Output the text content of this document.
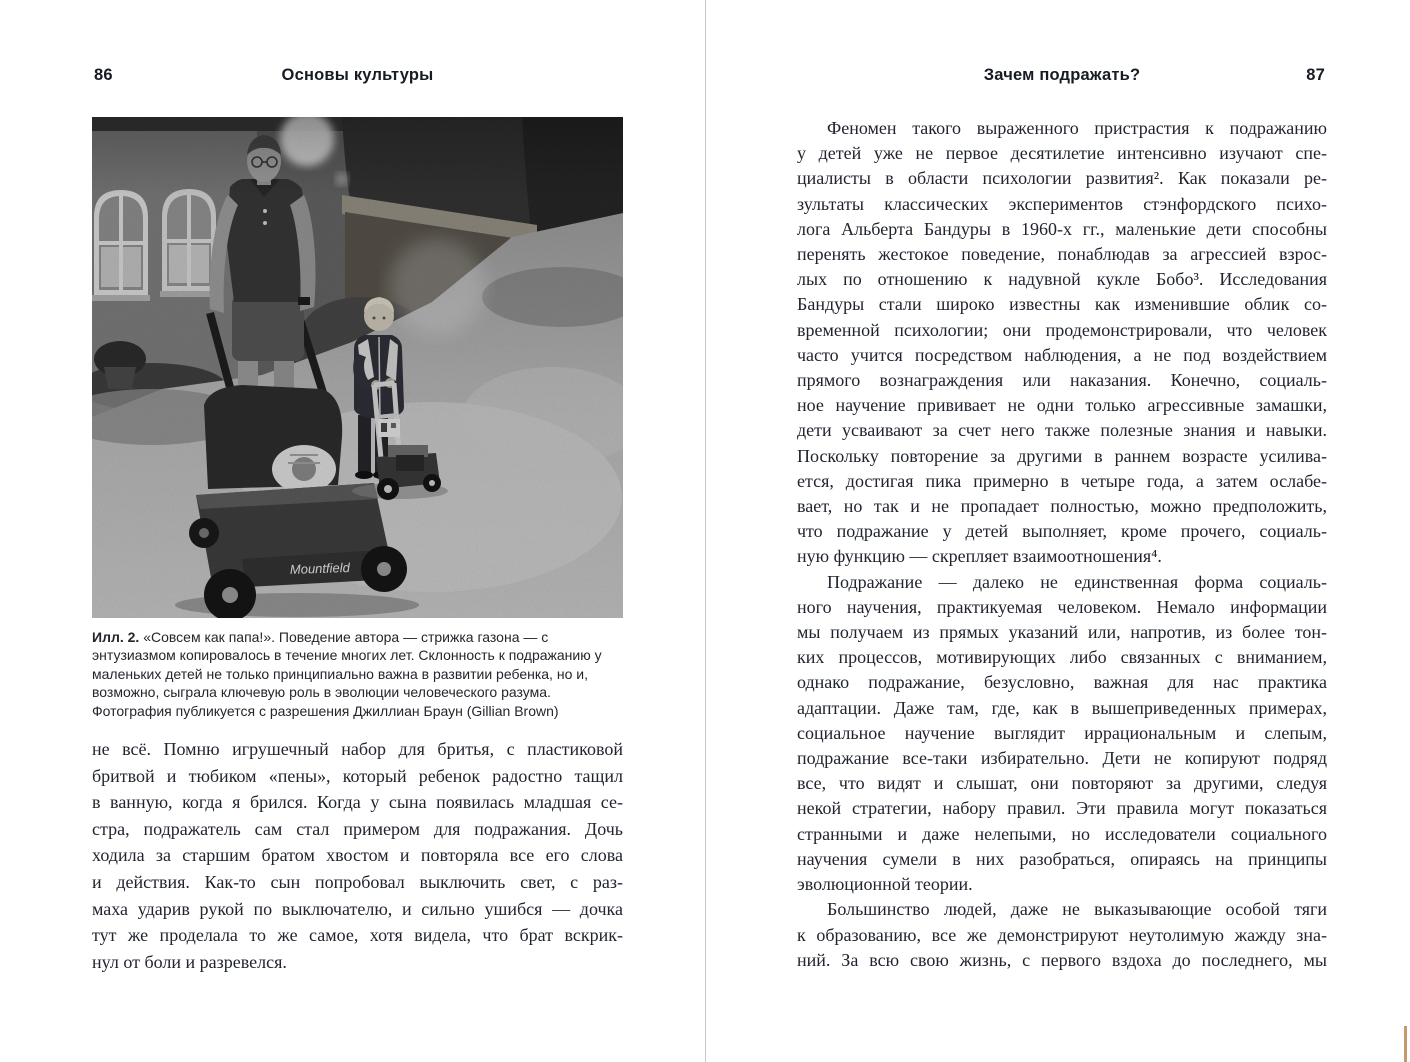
86	Основы культуры
Mountfield

Илл. 2. «Совсем как папа!». Поведение автора — стрижка газона — с энтузиазмом копировалось в течение многих лет. Склонность к подражанию у маленьких детей не только принципиально важна в развитии ребенка, но и, возможно, сыграла ключевую роль в эволюции человеческого разума. Фотография публикуется с разрешения Джиллиан Браун (Gillian Brown)

не всё. Помню игрушечный набор для бритья, с пластиковой
бритвой и тюбиком «пены», который ребенок радостно тащил
в ванную, когда я брился. Когда у сына появилась младшая се-
стра, подражатель сам стал примером для подражания. Дочь
ходила за старшим братом хвостом и повторяла все его слова
и действия. Как-то сын попробовал выключить свет, с раз-
маха ударив рукой по выключателю, и сильно ушибся — дочка
тут же проделала то же самое, хотя видела, что брат вскрик-
нул от боли и разревелся.
Зачем подражать?	87
Феномен такого выраженного пристрастия к подражанию
у детей уже не первое десятилетие интенсивно изучают спе-
циалисты в области психологии развития². Как показали ре-
зультаты классических экспериментов стэнфордского психо-
лога Альберта Бандуры в 1960-х гг., маленькие дети способны
перенять жестокое поведение, понаблюдав за агрессией взрос-
лых по отношению к надувной кукле Бобо³. Исследования
Бандуры стали широко известны как изменившие облик со-
временной психологии; они продемонстрировали, что человек
часто учится посредством наблюдения, а не под воздействием
прямого вознаграждения или наказания. Конечно, социаль-
ное научение прививает не одни только агрессивные замашки,
дети усваивают за счет него также полезные знания и навыки.
Поскольку повторение за другими в раннем возрасте усилива-
ется, достигая пика примерно в четыре года, а затем ослабе-
вает, но так и не пропадает полностью, можно предположить,
что подражание у детей выполняет, кроме прочего, социаль-
ную функцию — скрепляет взаимоотношения⁴.
Подражание — далеко не единственная форма социаль-
ного научения, практикуемая человеком. Немало информации
мы получаем из прямых указаний или, напротив, из более тон-
ких процессов, мотивирующих либо связанных с вниманием,
однако подражание, безусловно, важная для нас практика
адаптации. Даже там, где, как в вышеприведенных примерах,
социальное научение выглядит иррациональным и слепым,
подражание все-таки избирательно. Дети не копируют подряд
все, что видят и слышат, они повторяют за другими, следуя
некой стратегии, набору правил. Эти правила могут показаться
странными и даже нелепыми, но исследователи социального
научения сумели в них разобраться, опираясь на принципы
эволюционной теории.
Большинство людей, даже не выказывающие особой тяги
к образованию, все же демонстрируют неутолимую жажду зна-
ний. За всю свою жизнь, с первого вздоха до последнего, мы
